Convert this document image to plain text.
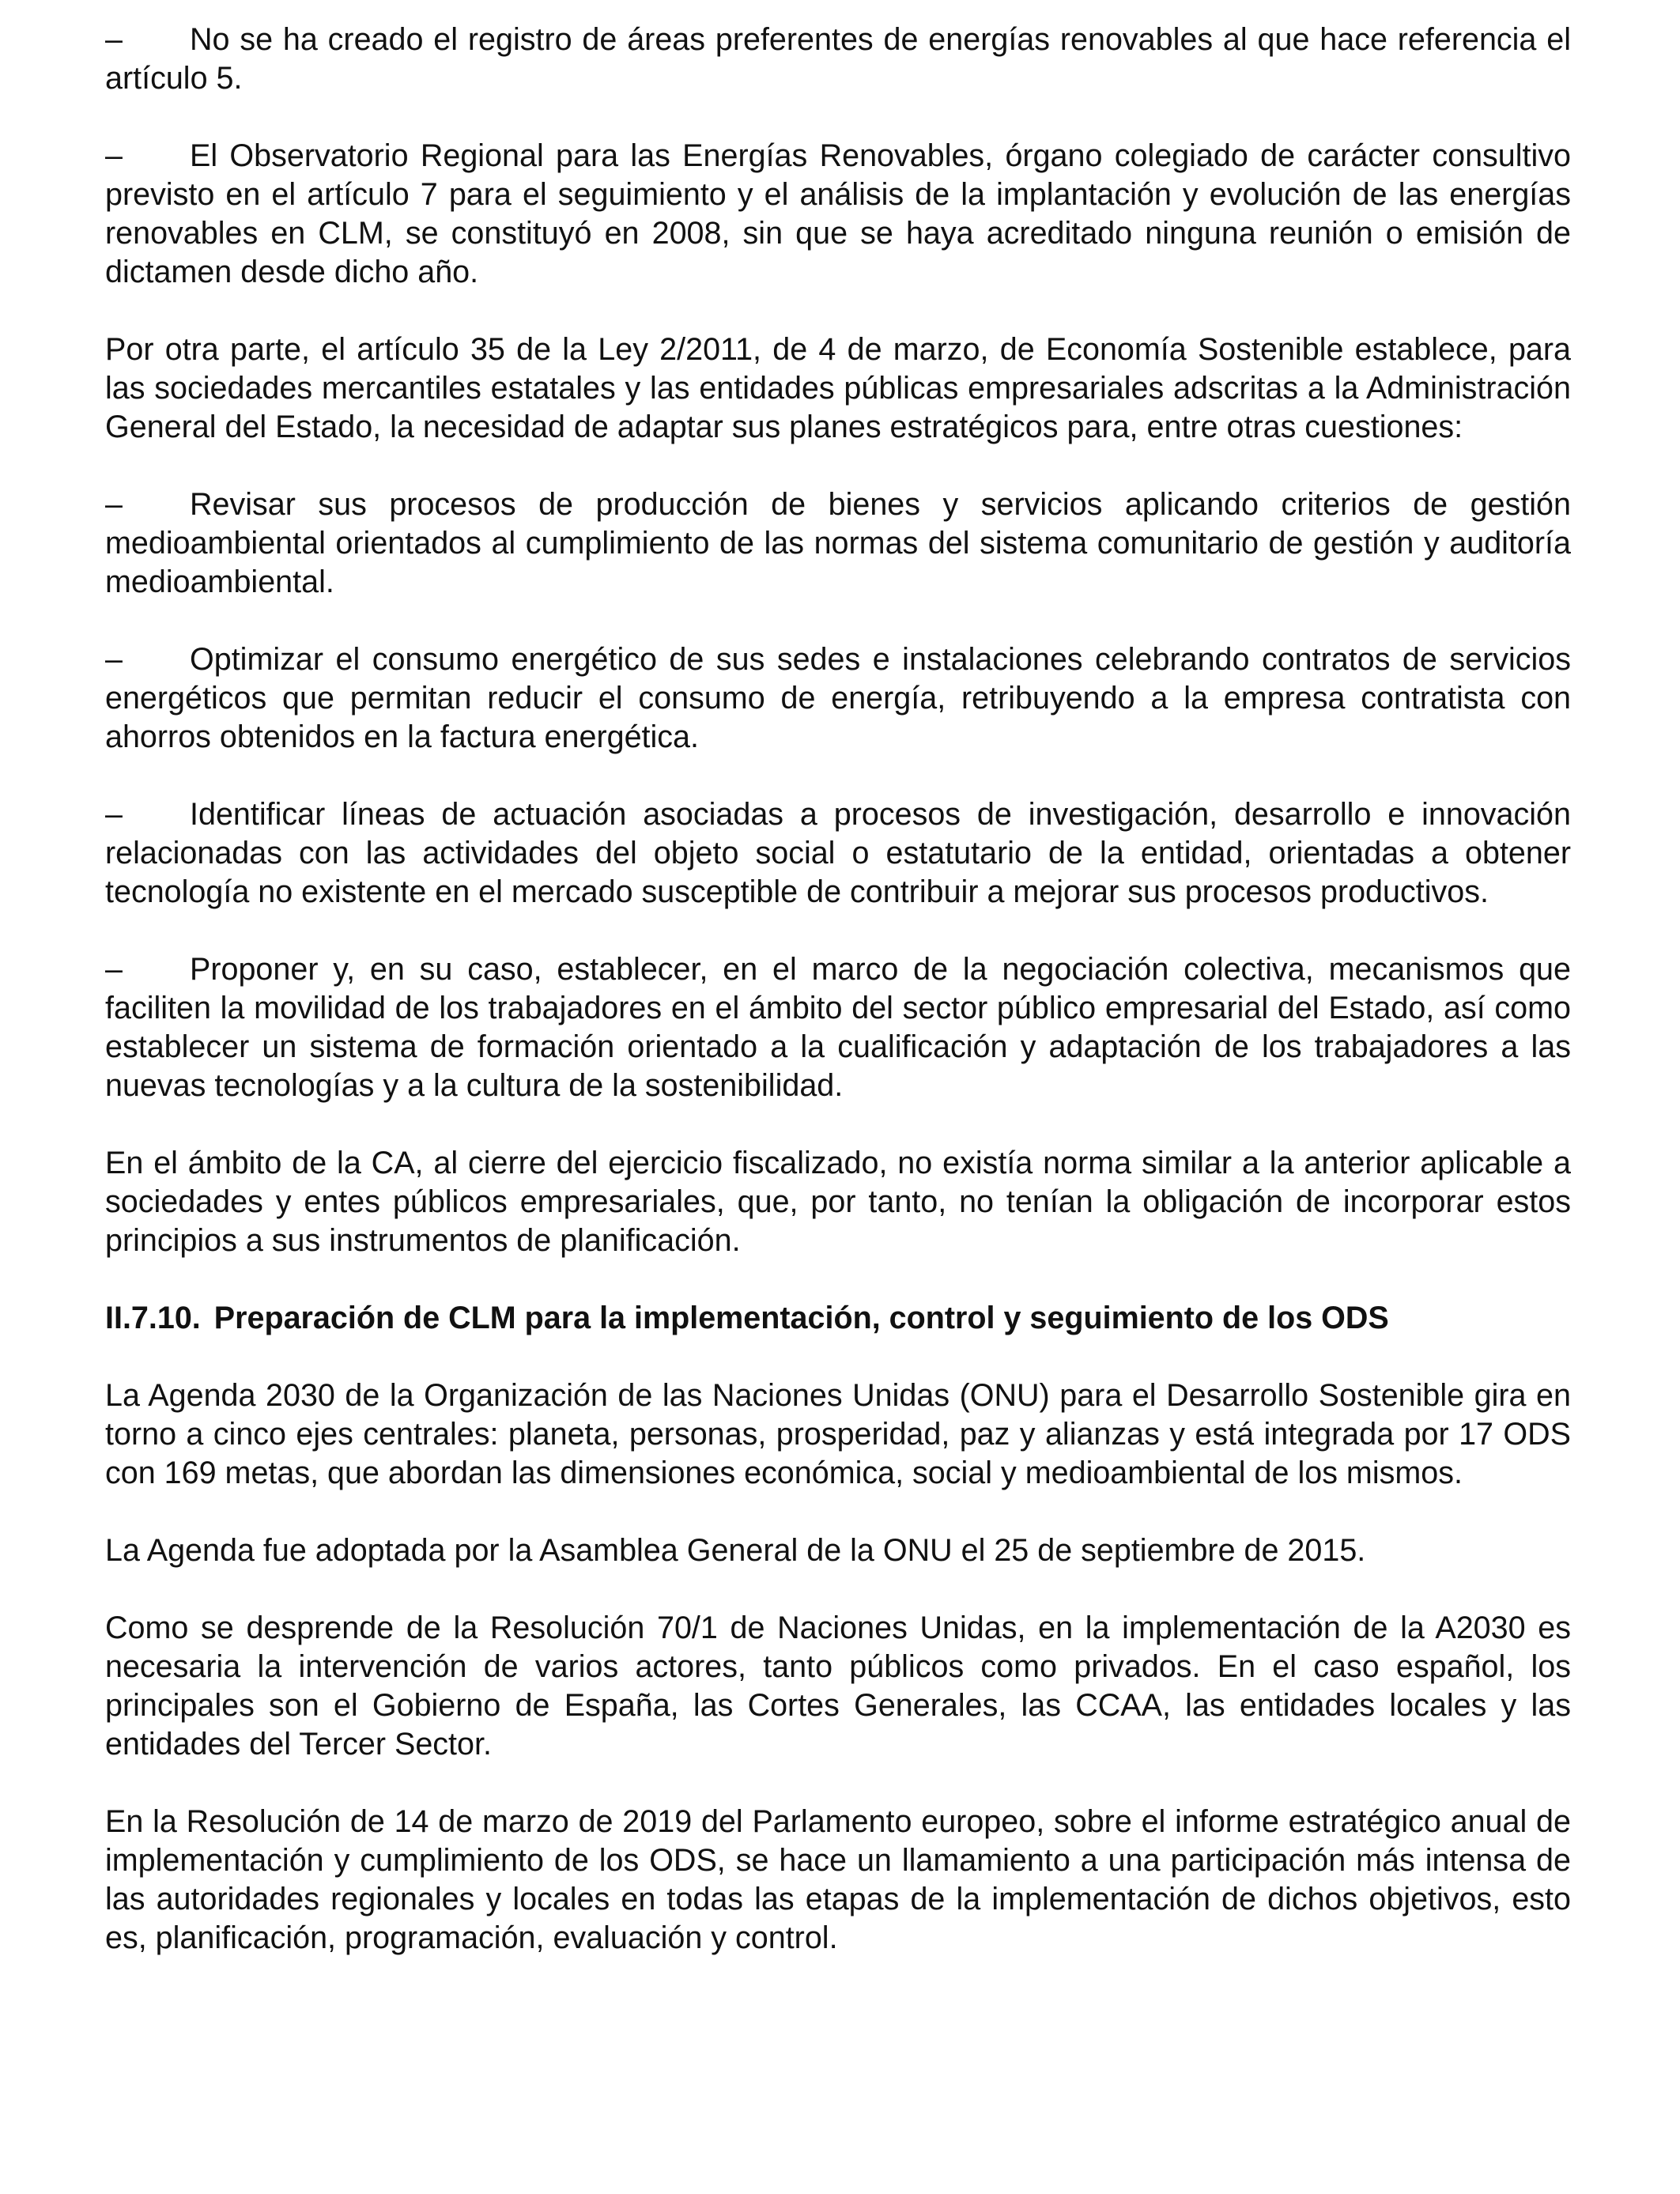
– No se ha creado el registro de áreas preferentes de energías renovables al que hace referencia el artículo 5.

– El Observatorio Regional para las Energías Renovables, órgano colegiado de carácter consultivo previsto en el artículo 7 para el seguimiento y el análisis de la implantación y evolución de las energías renovables en CLM, se constituyó en 2008, sin que se haya acreditado ninguna reunión o emisión de dictamen desde dicho año.

Por otra parte, el artículo 35 de la Ley 2/2011, de 4 de marzo, de Economía Sostenible establece, para las sociedades mercantiles estatales y las entidades públicas empresariales adscritas a la Administración General del Estado, la necesidad de adaptar sus planes estratégicos para, entre otras cuestiones:

– Revisar sus procesos de producción de bienes y servicios aplicando criterios de gestión medioambiental orientados al cumplimiento de las normas del sistema comunitario de gestión y auditoría medioambiental.

– Optimizar el consumo energético de sus sedes e instalaciones celebrando contratos de servicios energéticos que permitan reducir el consumo de energía, retribuyendo a la empresa contratista con ahorros obtenidos en la factura energética.

– Identificar líneas de actuación asociadas a procesos de investigación, desarrollo e innovación relacionadas con las actividades del objeto social o estatutario de la entidad, orientadas a obtener tecnología no existente en el mercado susceptible de contribuir a mejorar sus procesos productivos.

– Proponer y, en su caso, establecer, en el marco de la negociación colectiva, mecanismos que faciliten la movilidad de los trabajadores en el ámbito del sector público empresarial del Estado, así como establecer un sistema de formación orientado a la cualificación y adaptación de los trabajadores a las nuevas tecnologías y a la cultura de la sostenibilidad.

En el ámbito de la CA, al cierre del ejercicio fiscalizado, no existía norma similar a la anterior aplicable a sociedades y entes públicos empresariales, que, por tanto, no tenían la obligación de incorporar estos principios a sus instrumentos de planificación.

II.7.10. Preparación de CLM para la implementación, control y seguimiento de los ODS

La Agenda 2030 de la Organización de las Naciones Unidas (ONU) para el Desarrollo Sostenible gira en torno a cinco ejes centrales: planeta, personas, prosperidad, paz y alianzas y está integrada por 17 ODS con 169 metas, que abordan las dimensiones económica, social y medioambiental de los mismos.

La Agenda fue adoptada por la Asamblea General de la ONU el 25 de septiembre de 2015.

Como se desprende de la Resolución 70/1 de Naciones Unidas, en la implementación de la A2030 es necesaria la intervención de varios actores, tanto públicos como privados. En el caso español, los principales son el Gobierno de España, las Cortes Generales, las CCAA, las entidades locales y las entidades del Tercer Sector.

En la Resolución de 14 de marzo de 2019 del Parlamento europeo, sobre el informe estratégico anual de implementación y cumplimiento de los ODS, se hace un llamamiento a una participación más intensa de las autoridades regionales y locales en todas las etapas de la implementación de dichos objetivos, esto es, planificación, programación, evaluación y control.
